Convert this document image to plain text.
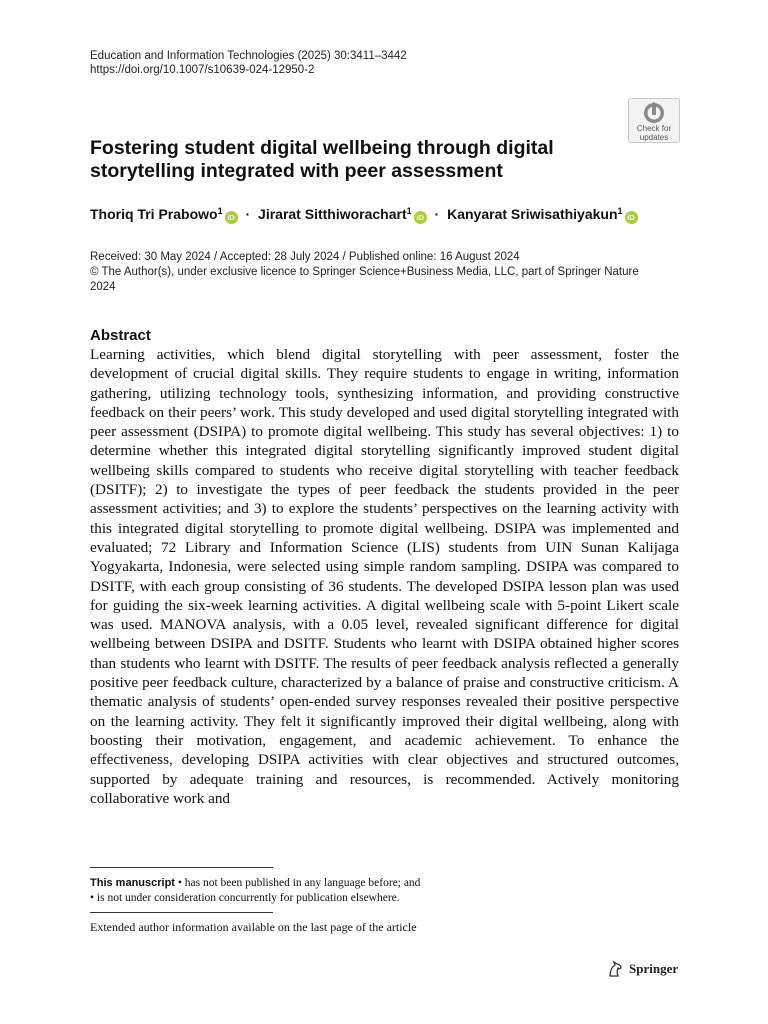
Education and Information Technologies (2025) 30:3411–3442
https://doi.org/10.1007/s10639-024-12950-2
Check for
updates
Fostering student digital wellbeing through digital
storytelling integrated with peer assessment
Thoriq Tri Prabowo$^1$iD · Jirarat Sitthiworachart$^1$iD · Kanyarat Sriwisathiyakun$^1$iD
Received: 30 May 2024 / Accepted: 28 July 2024 / Published online: 16 August 2024
© The Author(s), under exclusive licence to Springer Science+Business Media, LLC, part of Springer Nature
2024
Abstract

Learning activities, which blend digital storytelling with peer assessment, foster the development of crucial digital skills. They require students to engage in writing, information gathering, utilizing technology tools, synthesizing information, and providing constructive feedback on their peers’ work. This study developed and used digital storytelling integrated with peer assessment (DSIPA) to promote digital wellbeing. This study has several objectives: 1) to determine whether this integrated digital storytelling significantly improved student digital wellbeing skills compared to students who receive digital storytelling with teacher feedback (DSITF); 2) to investigate the types of peer feedback the students provided in the peer assessment activities; and 3) to explore the students’ perspectives on the learning activity with this integrated digital storytelling to promote digital wellbeing. DSIPA was implemented and evaluated; 72 Library and Information Science (LIS) students from UIN Sunan Kalijaga Yogyakarta, Indonesia, were selected using simple random sampling. DSIPA was compared to DSITF, with each group consisting of 36 students. The developed DSIPA lesson plan was used for guiding the six-week learning activities. A digital wellbeing scale with 5-point Likert scale was used. MANOVA analysis, with a 0.05 level, revealed significant difference for digital wellbeing between DSIPA and DSITF. Students who learnt with DSIPA obtained higher scores than students who learnt with DSITF. The results of peer feedback analysis reflected a generally positive peer feedback culture, characterized by a balance of praise and constructive criticism. A thematic analysis of students’ open-ended survey responses revealed their positive perspective on the learning activity. They felt it significantly improved their digital wellbeing, along with boosting their motivation, engagement, and academic achievement. To enhance the effectiveness, developing DSIPA activities with clear objectives and structured outcomes, supported by adequate training and resources, is recommended. Actively monitoring collaborative work and

This manuscript • has not been published in any language before; and
• is not under consideration concurrently for publication elsewhere.
Extended author information available on the last page of the article
Springer
